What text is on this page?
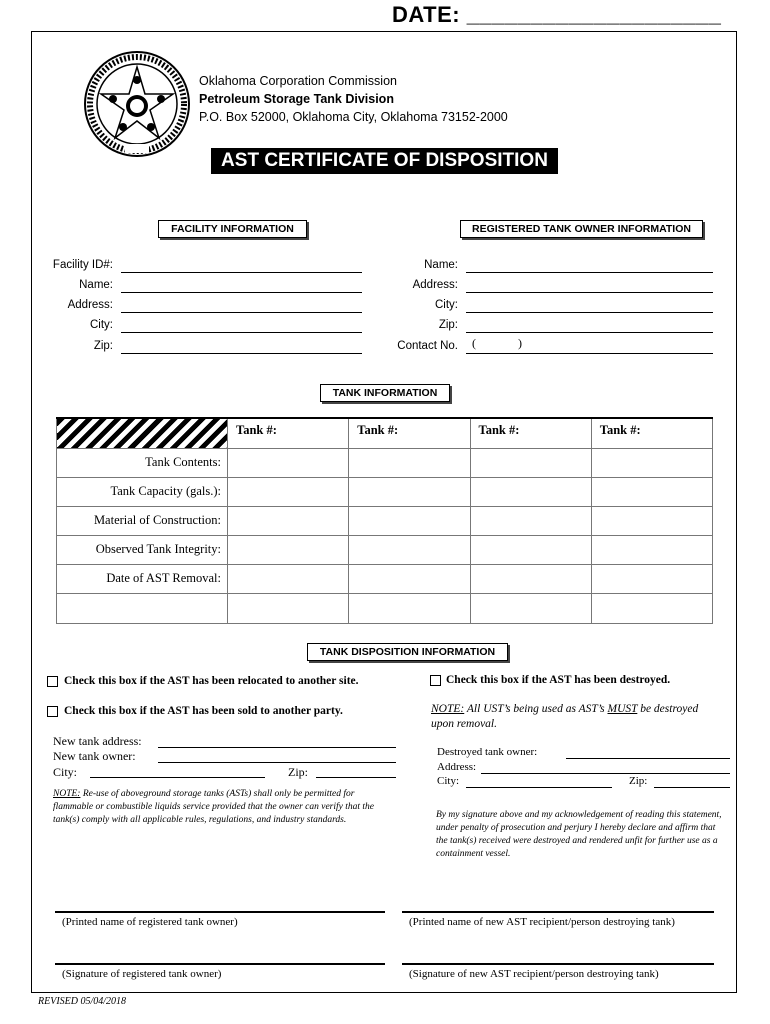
DATE: ____________________
Oklahoma Corporation Commission
Petroleum Storage Tank Division
P.O. Box 52000, Oklahoma City, Oklahoma 73152-2000
AST CERTIFICATE OF DISPOSITION
FACILITY INFORMATION	REGISTERED TANK OWNER INFORMATION
Facility ID#:
Name:
Address:
City:
Zip:
Name:
Address:
City:
Zip:
Contact No. (              )
TANK INFORMATION
	Tank #:	Tank #:	Tank #:	Tank #:
Tank Contents:				
Tank Capacity (gals.):				
Material of Construction:				
Observed Tank Integrity:				
Date of AST Removal:				

TANK DISPOSITION INFORMATION
Check this box if the AST has been relocated to another site.	Check this box if the AST has been destroyed.
Check this box if the AST has been sold to another party.	NOTE: All UST’s being used as AST’s MUST be destroyed upon removal.
New tank address:
New tank owner:
City:	Zip:
NOTE: Re-use of aboveground storage tanks (ASTs) shall only be permitted for flammable or combustible liquids service provided that the owner can verify that the tank(s) comply with all applicable rules, regulations, and industry standards.
Destroyed tank owner:
Address:
City:	Zip:
By my signature above and my acknowledgement of reading this statement, under penalty of prosecution and perjury I hereby declare and affirm that the tank(s) received were destroyed and rendered unfit for further use as a containment vessel.
(Printed name of registered tank owner)	(Printed name of new AST recipient/person destroying tank)
(Signature of registered tank owner)	(Signature of new AST recipient/person destroying tank)
REVISED 05/04/2018
